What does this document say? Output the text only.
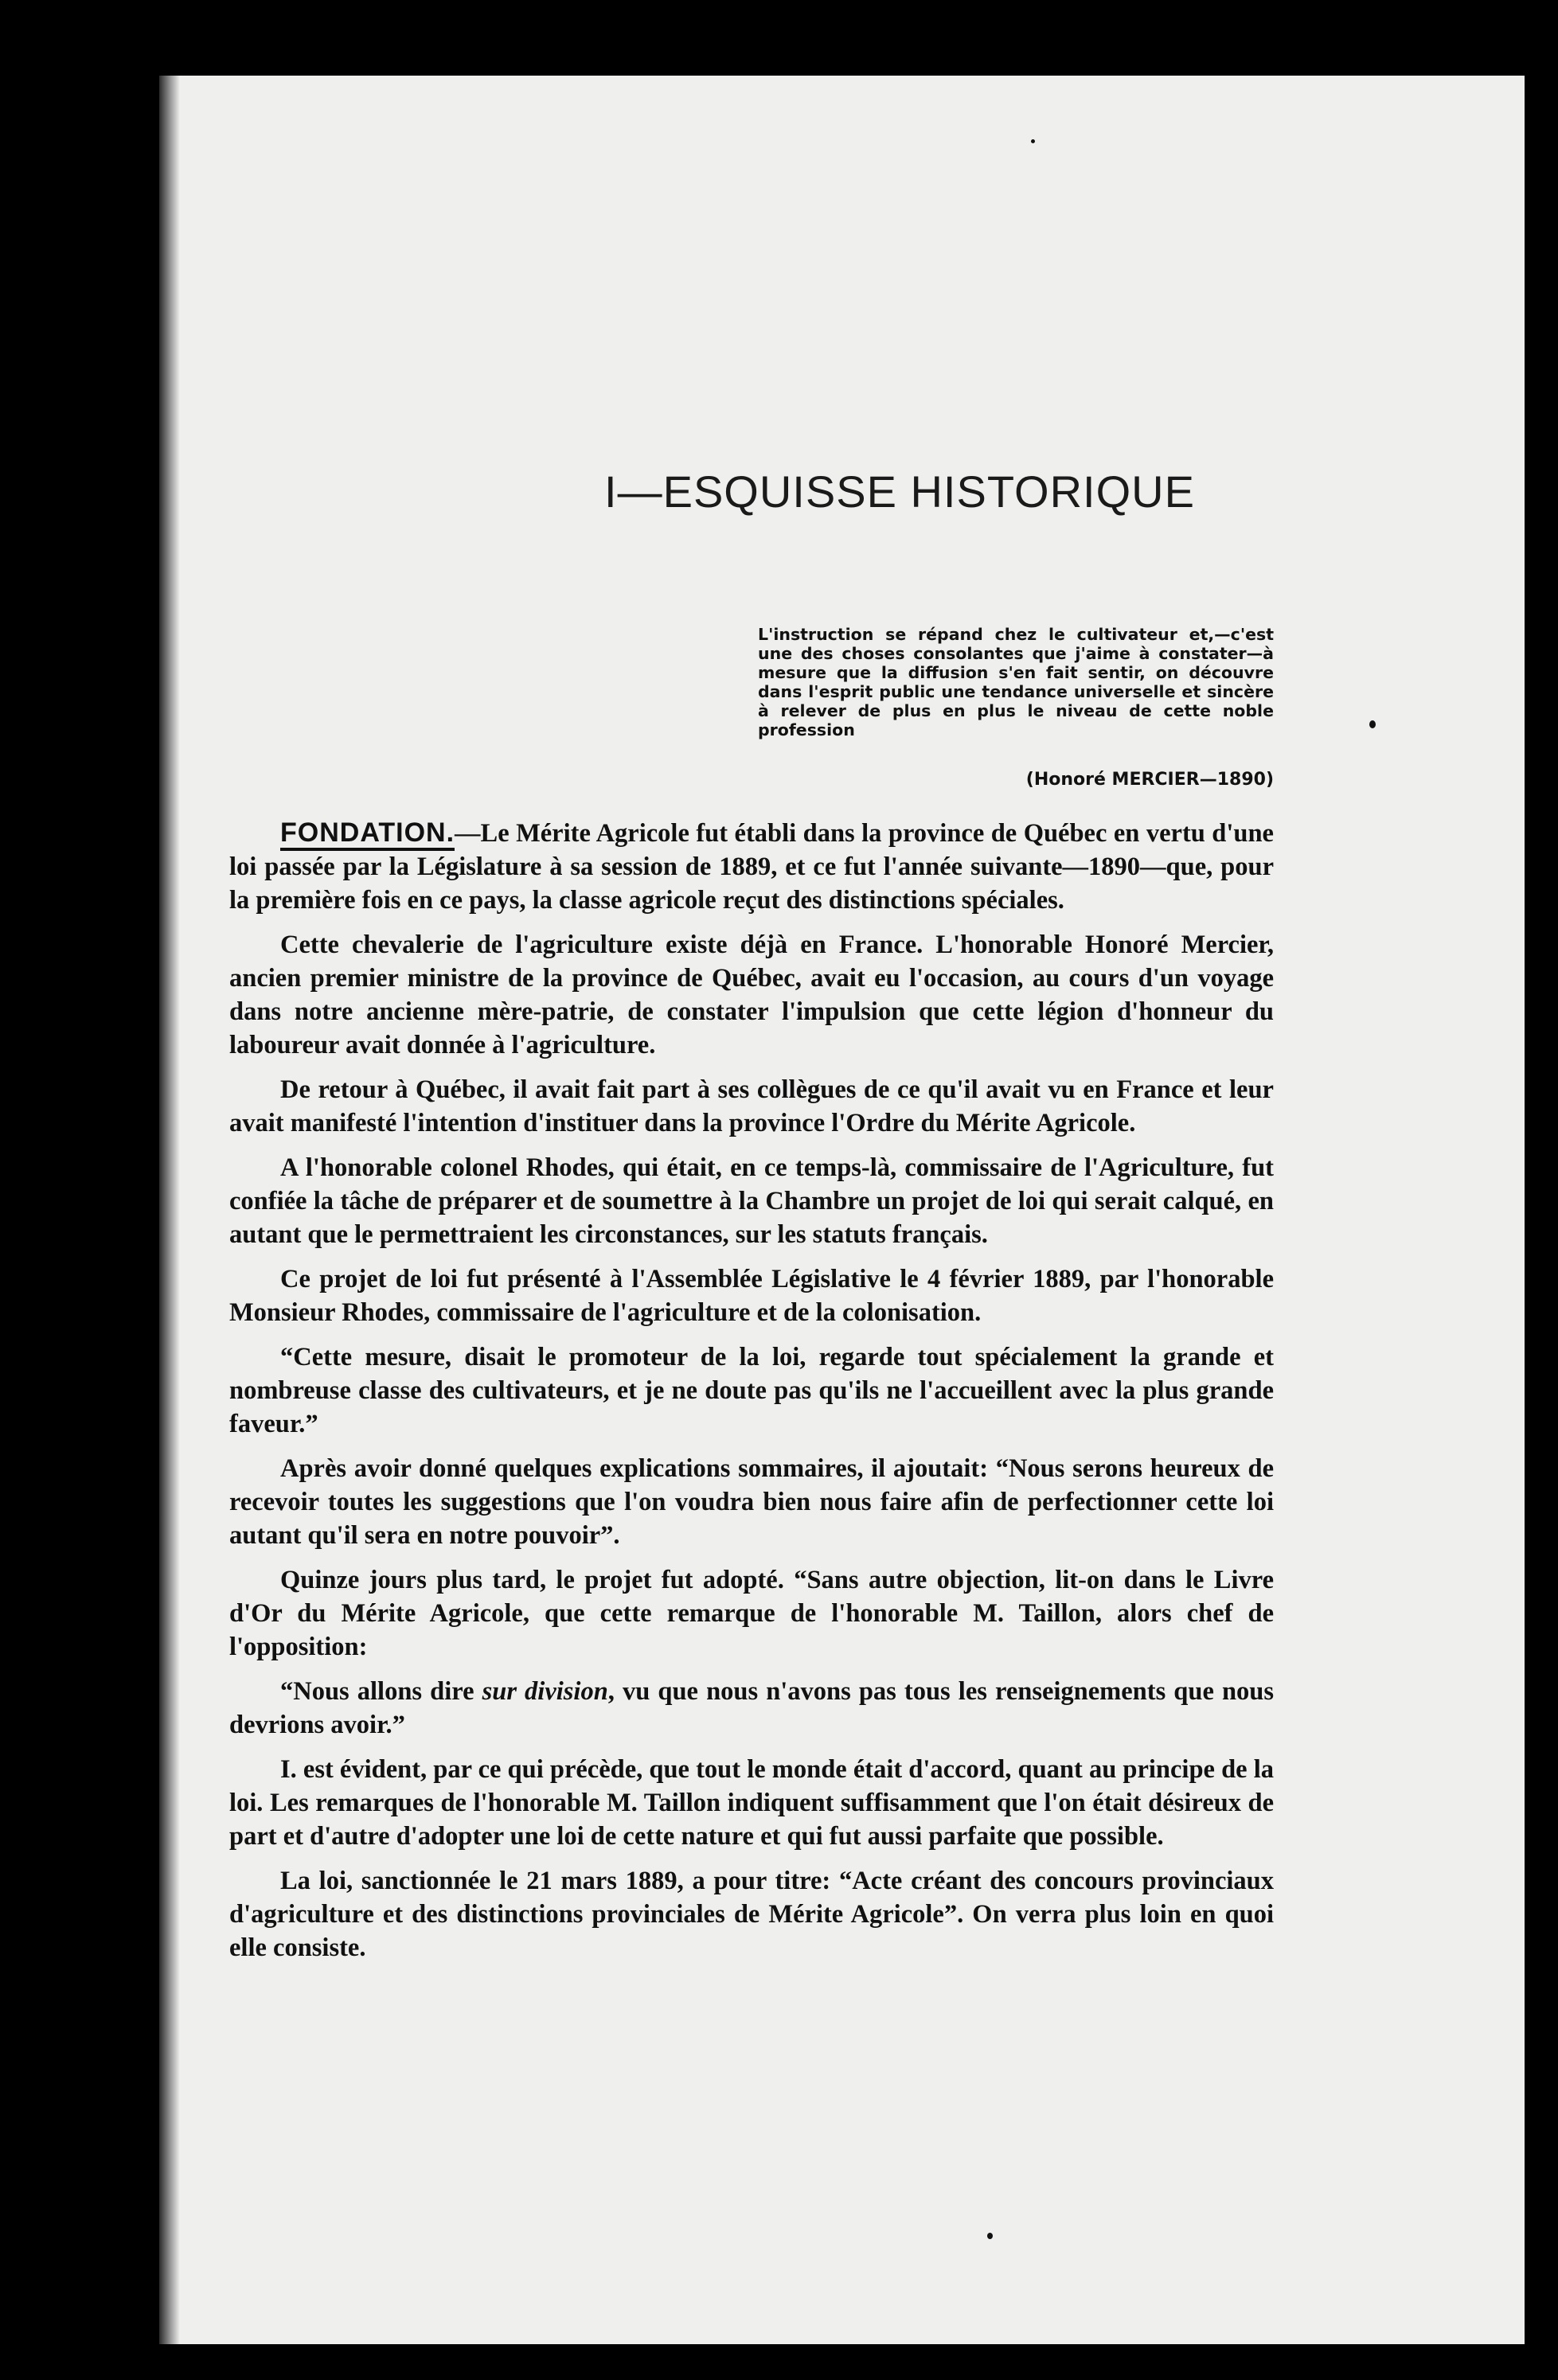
I—ESQUISSE HISTORIQUE

L'instruction se répand chez le cultivateur et,—c'est une des choses consolantes que j'aime à constater—à mesure que la diffusion s'en fait sentir, on découvre dans l'esprit public une tendance universelle et sincère à relever de plus en plus le niveau de cette noble profession

(Honoré MERCIER—1890)

FONDATION.—Le Mérite Agricole fut établi dans la province de Québec en vertu d'une loi passée par la Législature à sa session de 1889, et ce fut l'année suivante—1890—que, pour la première fois en ce pays, la classe agricole reçut des distinctions spéciales.

Cette chevalerie de l'agriculture existe déjà en France. L'honorable Honoré Mercier, ancien premier ministre de la province de Québec, avait eu l'occasion, au cours d'un voyage dans notre ancienne mère-patrie, de constater l'impulsion que cette légion d'honneur du laboureur avait donnée à l'agriculture.

De retour à Québec, il avait fait part à ses collègues de ce qu'il avait vu en France et leur avait manifesté l'intention d'instituer dans la province l'Ordre du Mérite Agricole.

A l'honorable colonel Rhodes, qui était, en ce temps-là, commissaire de l'Agriculture, fut confiée la tâche de préparer et de soumettre à la Chambre un projet de loi qui serait calqué, en autant que le permettraient les circonstances, sur les statuts français.

Ce projet de loi fut présenté à l'Assemblée Législative le 4 février 1889, par l'honorable Monsieur Rhodes, commissaire de l'agriculture et de la colonisation.

“Cette mesure, disait le promoteur de la loi, regarde tout spécialement la grande et nombreuse classe des cultivateurs, et je ne doute pas qu'ils ne l'accueillent avec la plus grande faveur.”

Après avoir donné quelques explications sommaires, il ajoutait: “Nous serons heureux de recevoir toutes les suggestions que l'on voudra bien nous faire afin de perfectionner cette loi autant qu'il sera en notre pouvoir”.

Quinze jours plus tard, le projet fut adopté. “Sans autre objection, lit-on dans le Livre d'Or du Mérite Agricole, que cette remarque de l'honorable M. Taillon, alors chef de l'opposition:

“Nous allons dire sur division, vu que nous n'avons pas tous les renseignements que nous devrions avoir.”

I. est évident, par ce qui précède, que tout le monde était d'accord, quant au principe de la loi. Les remarques de l'honorable M. Taillon indiquent suffisamment que l'on était désireux de part et d'autre d'adopter une loi de cette nature et qui fut aussi parfaite que possible.

La loi, sanctionnée le 21 mars 1889, a pour titre: “Acte créant des concours provinciaux d'agriculture et des distinctions provinciales de Mérite Agricole”. On verra plus loin en quoi elle consiste.
